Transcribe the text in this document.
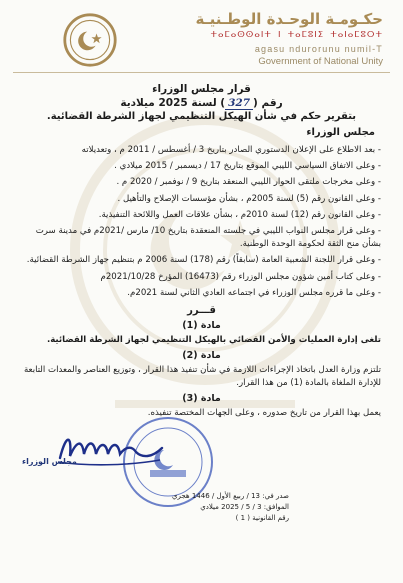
حكـومـة الوحـدة الوطـنيـة
ⵜⴰⵎⴰⵙⵙⴰⵏⵜ ⵏ ⵜⴰⵎⵓⵏⵉ ⵜⴰⵏⴰⵎⵓⵔⵜ
agasu ndurorunu numil-T
Government of National Unity
قرار مجلس الوزراء
رقم (327) لسنة 2025 ميلادية
بتقرير حكم في شأن الهيكل التنظيمي لجهاز الشرطة القضائية.
مجلس الوزراء
- بعد الاطلاع على الإعلان الدستوري الصادر بتاريخ 3 / أغسطس / 2011 م ، وتعديلاته
- وعلى الاتفاق السياسي الليبي الموقع بتاريخ 17 / ديسمبر / 2015 ميلادي .
- وعلى مخرجات ملتقى الحوار الليبي المنعقد بتاريخ 9 / نوفمبر / 2020 م .
- وعلى القانون رقم (5) لسنة 2005م ، بشأن مؤسسات الإصلاح والتأهيل .
- وعلى القانون رقم (12) لسنة 2010م ، بشأن علاقات العمل واللائحة التنفيذية.
- وعلى قرار مجلس النواب الليبي في جلسته المنعقدة بتاريخ 10/ مارس /2021م في مدينة سرت بشأن منح الثقة لحكومة الوحدة الوطنية.
- وعلى قرار اللجنة الشعبية العامة (سابقاً) رقم (178) لسنة 2006 م بتنظيم جهاز الشرطة القضائية.
- وعلى كتاب أمين شؤون مجلس الوزراء رقم (16473) المؤرخ 2021/10/28م
- وعلى ما قرره مجلس الوزراء في اجتماعه العادي الثاني لسنة 2021م.
قـــرر
مادة (1)
تلغى إدارة العمليات والأمن القضائي بالهيكل التنظيمي لجهاز الشرطة القضائية.
مادة (2)
تلتزم وزارة العدل باتخاذ الإجراءات اللازمة في شأن تنفيذ هذا القرار ، وتوزيع العناصر والمعدات التابعة للإدارة الملغاة بالمادة (1) من هذا القرار.
مادة (3)
يعمل بهذا القرار من تاريخ صدوره ، وعلى الجهات المختصة تنفيذه.
مجلس الوزراء
صدر في: 13 / ربيع الأول / 1446 هجري
الموافق: 3 / 5 / 2025 ميلادي
رقم القانونية ( 1 )
